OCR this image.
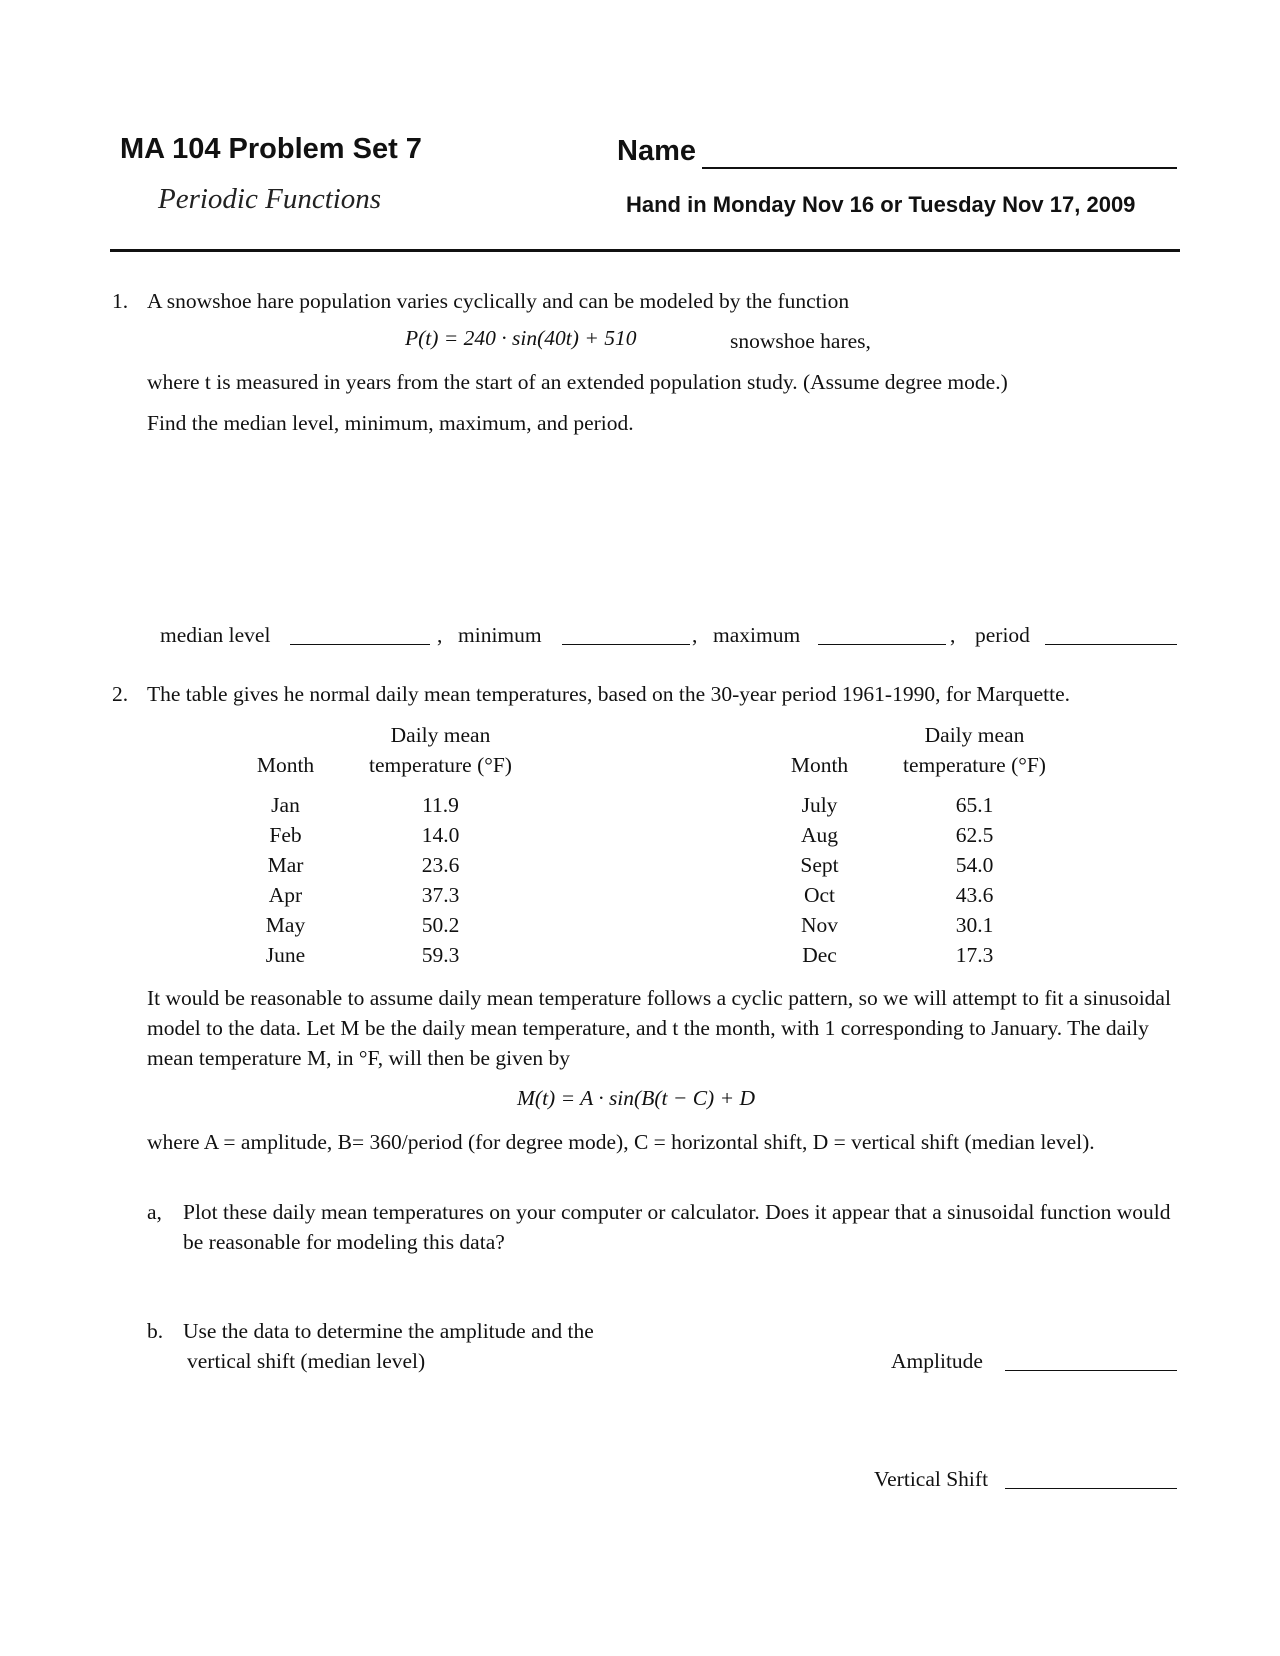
MA 104 Problem Set 7
Periodic Functions
Name
Hand in Monday Nov 16 or Tuesday Nov 17, 2009
1. A snowshoe hare population varies cyclically and can be modeled by the function
P(t) = 240 · sin(40t) + 510	snowshoe hares,
where t is measured in years from the start of an extended population study. (Assume degree mode.)
Find the median level, minimum, maximum, and period.
median level	, minimum	, maximum	, period
2. The table gives he normal daily mean temperatures, based on the 30-year period 1961-1990, for Marquette.
	Daily mean
Month	temperature (°F)

Jan	11.9
Feb	14.0
Mar	23.6
Apr	37.3
May	50.2
June	59.3
	Daily mean
Month	temperature (°F)

July	65.1
Aug	62.5
Sept	54.0
Oct	43.6
Nov	30.1
Dec	17.3
It would be reasonable to assume daily mean temperature follows a cyclic pattern, so we will attempt to fit a sinusoidal model to the data. Let M be the daily mean temperature, and t the month, with 1 corresponding to January. The daily mean temperature M, in °F, will then be given by
M(t) = A · sin(B(t − C) + D
where A = amplitude, B= 360/period (for degree mode), C = horizontal shift, D = vertical shift (median level).
a, Plot these daily mean temperatures on your computer or calculator. Does it appear that a sinusoidal function would be reasonable for modeling this data?
b. Use the data to determine the amplitude and the
vertical shift (median level)	Amplitude
Vertical Shift
